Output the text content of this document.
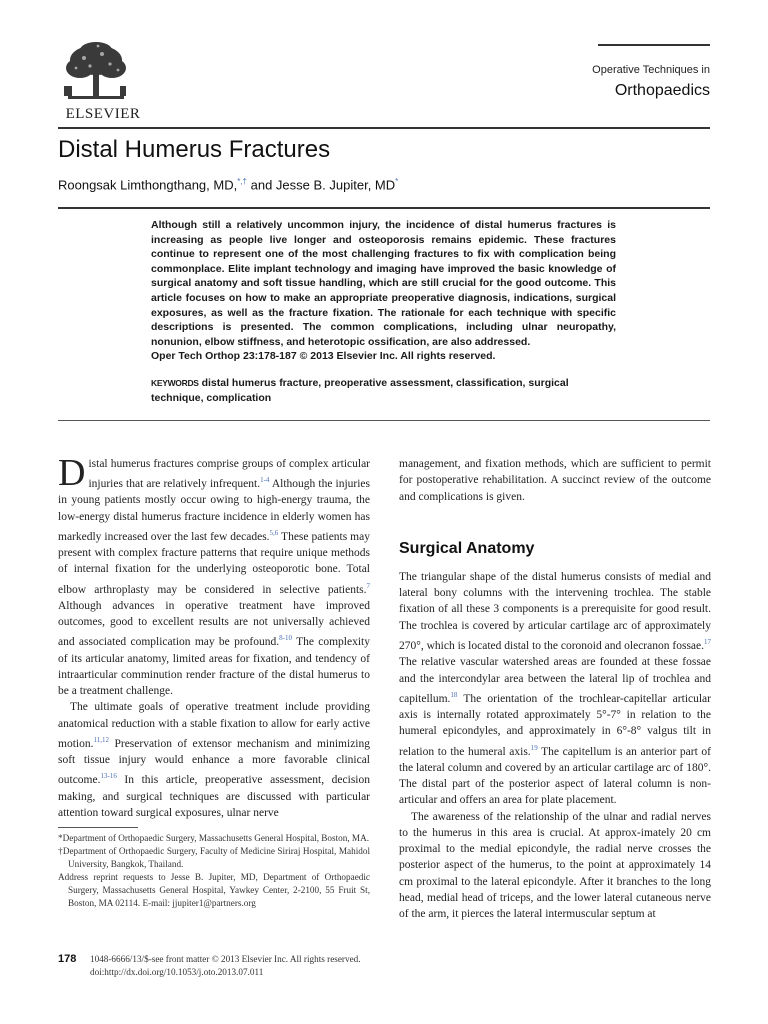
ELSEVIER
Operative Techniques in
Orthopaedics
Distal Humerus Fractures
Roongsak Limthongthang, MD,*,† and Jesse B. Jupiter, MD*
Although still a relatively uncommon injury, the incidence of distal humerus fractures is increasing as people live longer and osteoporosis remains epidemic. These fractures continue to represent one of the most challenging fractures to fix with complication being commonplace. Elite implant technology and imaging have improved the basic knowledge of surgical anatomy and soft tissue handling, which are still crucial for the good outcome. This article focuses on how to make an appropriate preoperative diagnosis, indications, surgical exposures, as well as the fracture fixation. The rationale for each technique with specific descriptions is presented. The common complications, including ulnar neuropathy, nonunion, elbow stiffness, and heterotopic ossification, are also addressed.
Oper Tech Orthop 23:178-187 © 2013 Elsevier Inc. All rights reserved.
KEYWORDS distal humerus fracture, preoperative assessment, classification, surgical technique, complication

Distal humerus fractures comprise groups of complex articular injuries that are relatively infrequent.$^{1-4}$ Although the injuries in young patients mostly occur owing to high-energy trauma, the low-energy distal humerus fracture incidence in elderly women has markedly increased over the last few decades.$^{5,6}$ These patients may present with complex fracture patterns that require unique methods of internal fixation for the underlying osteoporotic bone. Total elbow arthroplasty may be considered in selective patients.$^7$ Although advances in operative treatment have improved outcomes, good to excellent results are not universally achieved and associated complication may be profound.$^{8-10}$ The complexity of its articular anatomy, limited areas for fixation, and tendency of intraarticular comminution render fracture of the distal humerus to be a treatment challenge.

The ultimate goals of operative treatment include providing anatomical reduction with a stable fixation to allow for early active motion.$^{11,12}$ Preservation of extensor mechanism and minimizing soft tissue injury would enhance a more favorable clinical outcome.$^{13-16}$ In this article, preoperative assessment, decision making, and surgical techniques are discussed with particular attention toward surgical exposures, ulnar nerve

management, and fixation methods, which are sufficient to permit for postoperative rehabilitation. A succinct review of the outcome and complications is given.

Surgical Anatomy

The triangular shape of the distal humerus consists of medial and lateral bony columns with the intervening trochlea. The stable fixation of all these 3 components is a prerequisite for good result. The trochlea is covered by articular cartilage arc of approximately 270°, which is located distal to the coronoid and olecranon fossae.$^{17}$ The relative vascular watershed areas are founded at these fossae and the intercondylar area between the lateral lip of trochlea and capitellum.$^{18}$ The orientation of the trochlear-capitellar articular axis is internally rotated approximately 5°-7° in relation to the humeral epicondyles, and approximately in 6°-8° valgus tilt in relation to the humeral axis.$^{19}$ The capitellum is an anterior part of the lateral column and covered by an articular cartilage arc of 180°. The distal part of the posterior aspect of lateral column is non-articular and offers an area for plate placement.

The awareness of the relationship of the ulnar and radial nerves to the humerus in this area is crucial. At approx-imately 20 cm proximal to the medial epicondyle, the radial nerve crosses the posterior aspect of the humerus, to the point at approximately 14 cm proximal to the lateral epicondyle. After it branches to the long head, medial head of triceps, and the lower lateral cutaneous nerve of the arm, it pierces the lateral intermuscular septum at

*Department of Orthopaedic Surgery, Massachusetts General Hospital, Boston, MA.

†Department of Orthopaedic Surgery, Faculty of Medicine Siriraj Hospital, Mahidol University, Bangkok, Thailand.

Address reprint requests to Jesse B. Jupiter, MD, Department of Orthopaedic Surgery, Massachusetts General Hospital, Yawkey Center, 2-2100, 55 Fruit St, Boston, MA 02114. E-mail: jjupiter1@partners.org

178 1048-6666/13/$-see front matter © 2013 Elsevier Inc. All rights reserved.
doi:http://dx.doi.org/10.1053/j.oto.2013.07.011
